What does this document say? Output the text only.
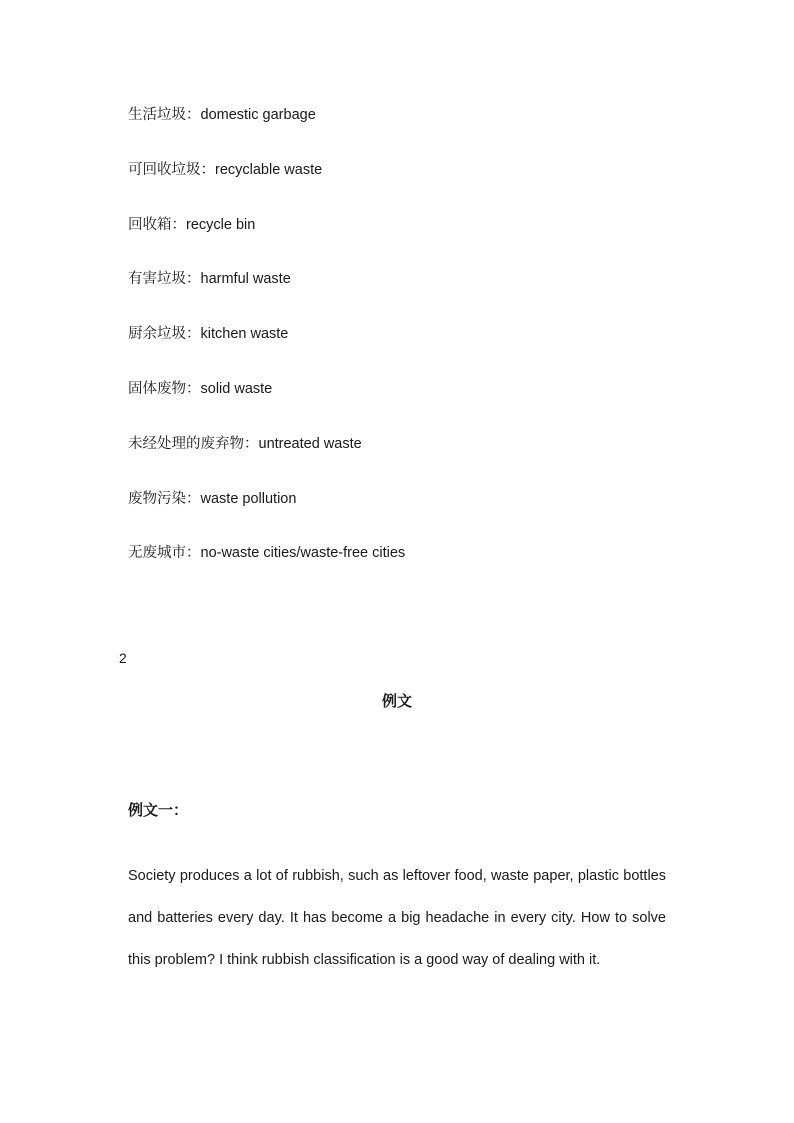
生活垃圾：domestic garbage
可回收垃圾：recyclable waste
回收箱：recycle bin
有害垃圾：harmful waste
厨余垃圾：kitchen waste
固体废物：solid waste
未经处理的废弃物：untreated waste
废物污染：waste pollution
无废城市：no-waste cities/waste-free cities
2
例文
例文一：

Society produces a lot of rubbish, such as leftover food, waste paper, plastic bottles and batteries every day. It has become a big headache in every city. How to solve this problem? I think rubbish classification is a good way of dealing with it.
